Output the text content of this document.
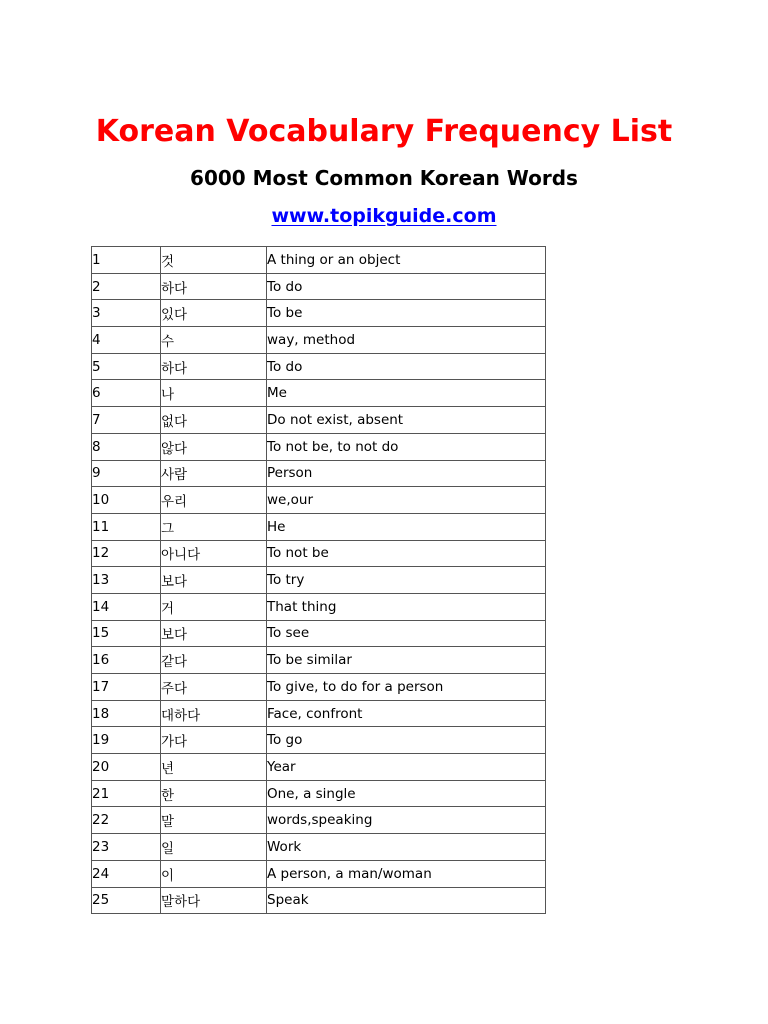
Korean Vocabulary Frequency List
6000 Most Common Korean Words
www.topikguide.com
1	것	A thing or an object
2	하다	To do
3	있다	To be
4	수	way, method
5	하다	To do
6	나	Me
7	없다	Do not exist, absent
8	않다	To not be, to not do
9	사람	Person
10	우리	we,our
11	그	He
12	아니다	To not be
13	보다	To try
14	거	That thing
15	보다	To see
16	같다	To be similar
17	주다	To give, to do for a person
18	대하다	Face, confront
19	가다	To go
20	년	Year
21	한	One, a single
22	말	words,speaking
23	일	Work
24	이	A person, a man/woman
25	말하다	Speak
